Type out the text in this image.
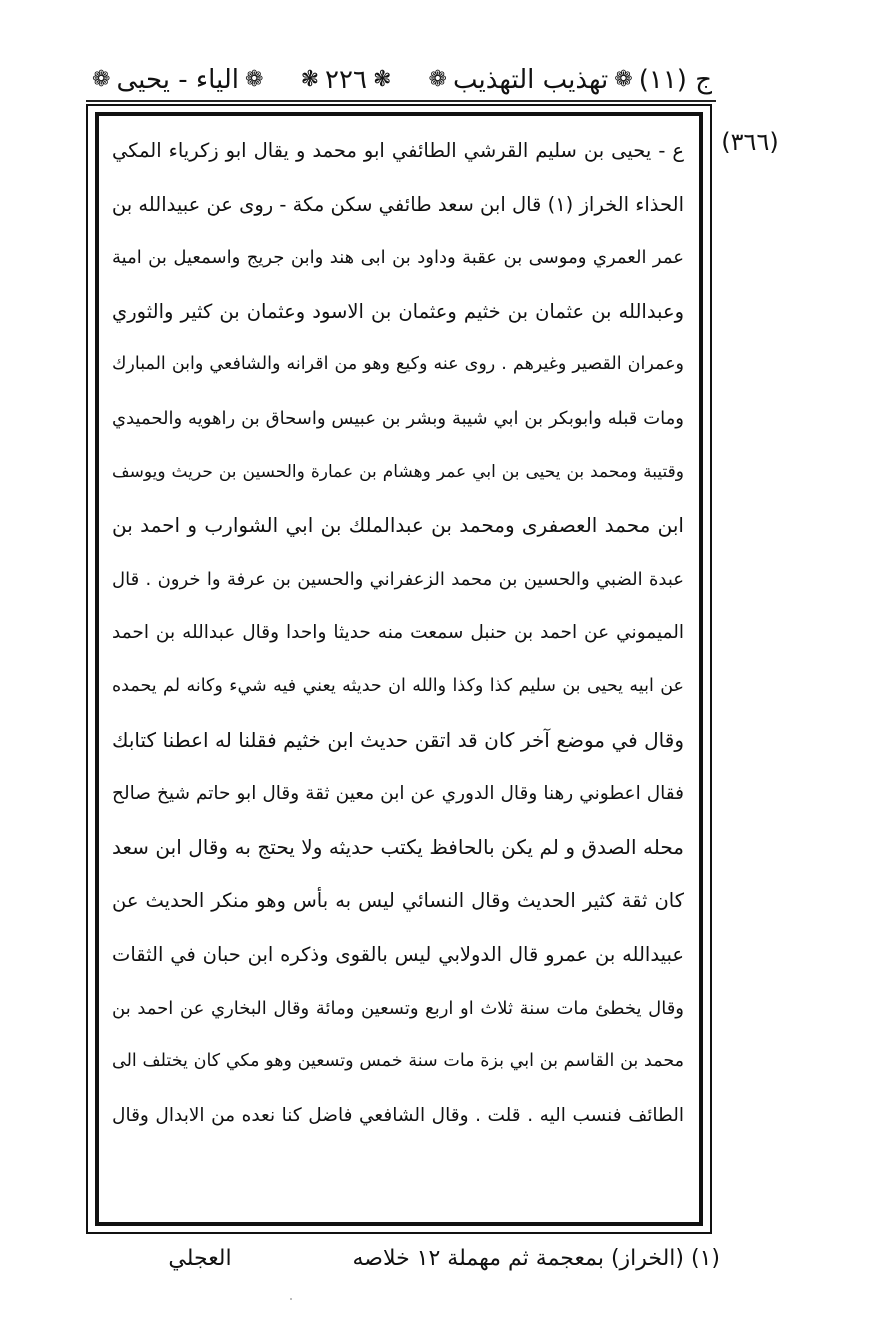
ج (١١)
❁
تهذيب التهذيب
❁
❃
٢٢٦
❃
❁
الياء - يحيى
❁
(٣٦٦)
ع - يحيى بن سليم القرشي الطائفي ابو محمد و يقال ابو زكرياء المكي
الحذاء الخراز (١) قال ابن سعد طائفي سكن مكة - روى عن عبيدالله بن
عمر العمري وموسى بن عقبة وداود بن ابى هند وابن جريج واسمعيل بن امية
وعبدالله بن عثمان بن خثيم وعثمان بن الاسود وعثمان بن كثير والثوري
وعمران القصير وغيرهم . روى عنه وكيع وهو من اقرانه والشافعي وابن المبارك
ومات قبله وابوبكر بن ابي شيبة وبشر بن عبيس واسحاق بن راهويه والحميدي
وقتيبة ومحمد بن يحيى بن ابي عمر وهشام بن عمارة والحسين بن حريث ويوسف
ابن محمد العصفرى ومحمد بن عبدالملك بن ابي الشوارب و احمد بن
عبدة الضبي والحسين بن محمد الزعفراني والحسين بن عرفة وا خرون . قال
الميموني عن احمد بن حنبل سمعت منه حديثا واحدا وقال عبدالله بن احمد
عن ابيه يحيى بن سليم كذا وكذا والله ان حديثه يعني فيه شيء وكانه لم يحمده
وقال في موضع آخر كان قد اتقن حديث ابن خثيم فقلنا له اعطنا كتابك
فقال اعطوني رهنا وقال الدوري عن ابن معين ثقة وقال ابو حاتم شيخ صالح
محله الصدق و لم يكن بالحافظ يكتب حديثه ولا يحتج به وقال ابن سعد
كان ثقة كثير الحديث وقال النسائي ليس به بأس وهو منكر الحديث عن
عبيدالله بن عمرو قال الدولابي ليس بالقوى وذكره ابن حبان في الثقات
وقال يخطئ مات سنة ثلاث او اربع وتسعين ومائة وقال البخاري عن احمد بن
محمد بن القاسم بن ابي بزة مات سنة خمس وتسعين وهو مكي كان يختلف الى
الطائف فنسب اليه . قلت . وقال الشافعي فاضل كنا نعده من الابدال وقال
(١) (الخراز) بمعجمة ثم مهملة ١٢ خلاصه
العجلي
